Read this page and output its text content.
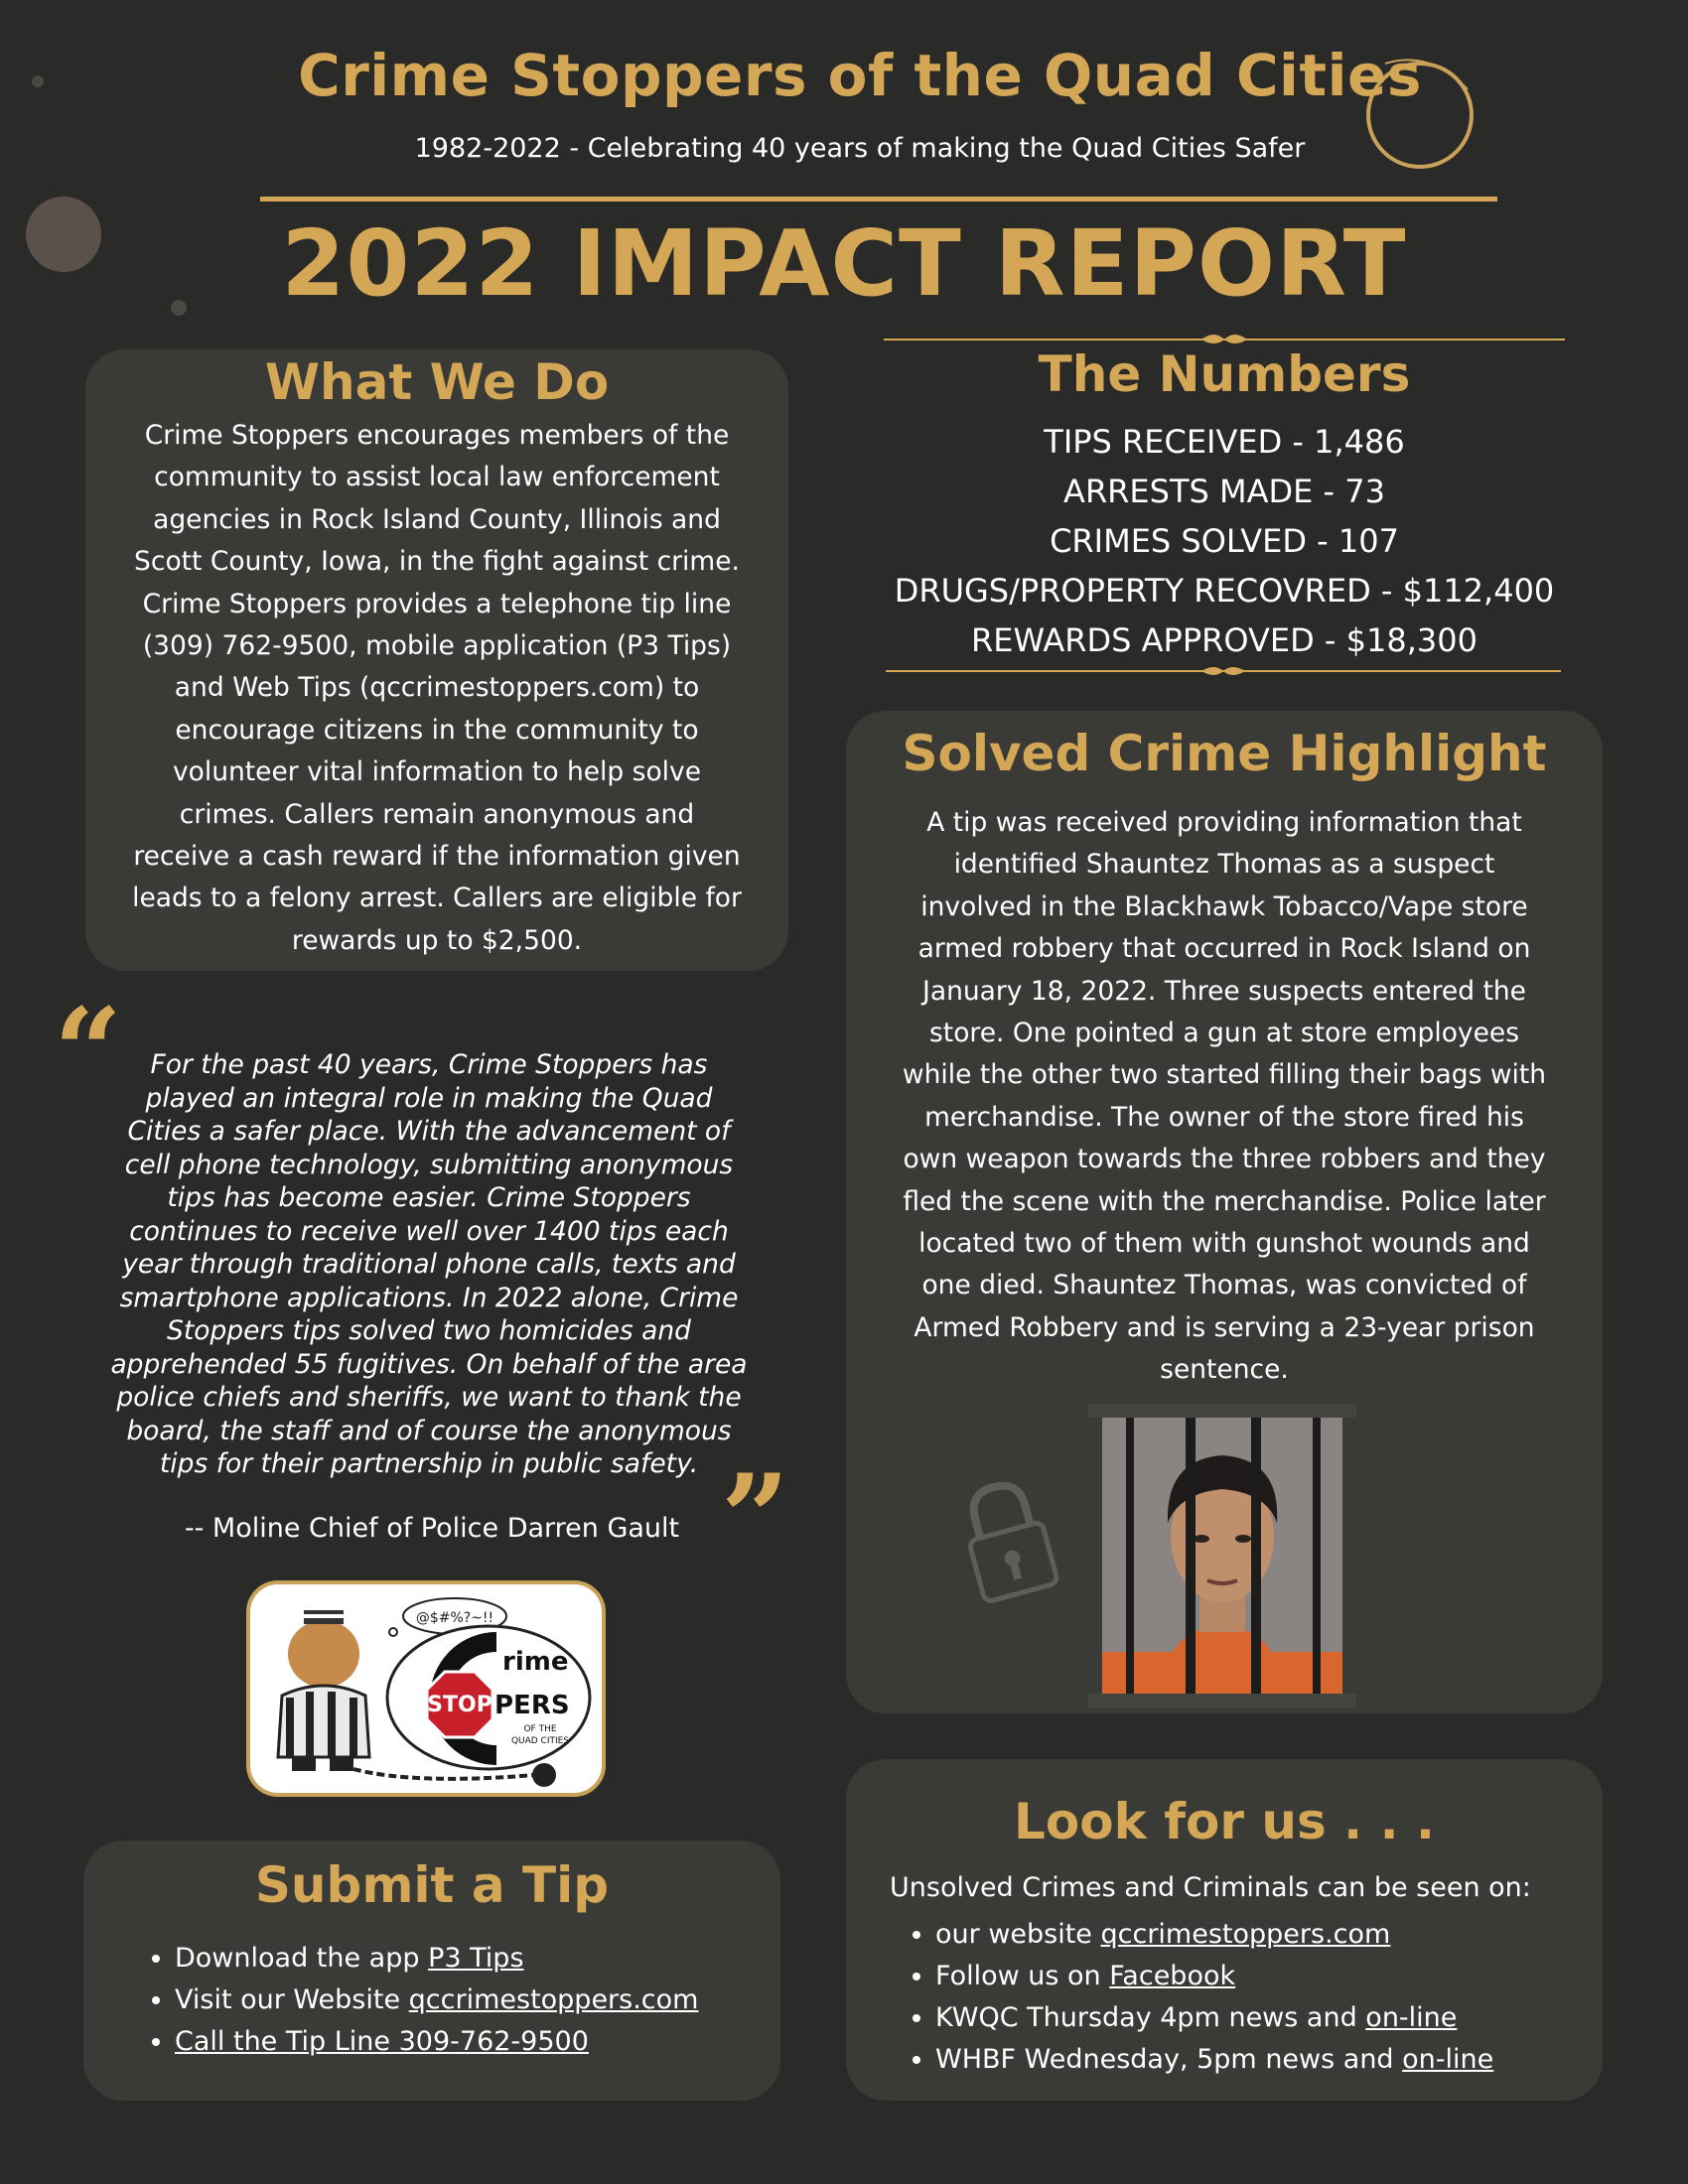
Crime Stoppers of the Quad Cities
1982-2022 - Celebrating 40 years of making the Quad Cities Safer
2022 IMPACT REPORT
What We Do
Crime Stoppers encourages members of the
community to assist local law enforcement
agencies in Rock Island County, Illinois and
Scott County, Iowa, in the fight against crime.
Crime Stoppers provides a telephone tip line
(309) 762-9500, mobile application (P3 Tips)
and Web Tips (qccrimestoppers.com) to
encourage citizens in the community to
volunteer vital information to help solve
crimes. Callers remain anonymous and
receive a cash reward if the information given
leads to a felony arrest. Callers are eligible for
rewards up to $2,500.
The Numbers
TIPS RECEIVED - 1,486
ARRESTS MADE - 73
CRIMES SOLVED - 107
DRUGS/PROPERTY RECOVRED - $112,400
REWARDS APPROVED - $18,300
Solved Crime Highlight
A tip was received providing information that
identified Shauntez Thomas as a suspect
involved in the Blackhawk Tobacco/Vape store
armed robbery that occurred in Rock Island on
January 18, 2022. Three suspects entered the
store. One pointed a gun at store employees
while the other two started filling their bags with
merchandise. The owner of the store fired his
own weapon towards the three robbers and they
fled the scene with the merchandise. Police later
located two of them with gunshot wounds and
one died. Shauntez Thomas, was convicted of
Armed Robbery and is serving a 23-year prison
sentence.
“	For the past 40 years, Crime Stoppers has
played an integral role in making the Quad
Cities a safer place. With the advancement of
cell phone technology, submitting anonymous
tips has become easier. Crime Stoppers
continues to receive well over 1400 tips each
year through traditional phone calls, texts and
smartphone applications. In 2022 alone, Crime
Stoppers tips solved two homicides and
apprehended 55 fugitives. On behalf of the area
police chiefs and sheriffs, we want to thank the
board, the staff and of course the anonymous
tips for their partnership in public safety. ”
-- Moline Chief of Police Darren Gault
@$#%?~!!
rime
STOP PERS
OF THE
QUAD CITIES
Submit a Tip
• Download the app P3 Tips
• Visit our Website qccrimestoppers.com
• Call the Tip Line 309-762-9500
Look for us . . .
Unsolved Crimes and Criminals can be seen on:
• our website qccrimestoppers.com
• Follow us on Facebook
• KWQC Thursday 4pm news and on-line
• WHBF Wednesday, 5pm news and on-line
